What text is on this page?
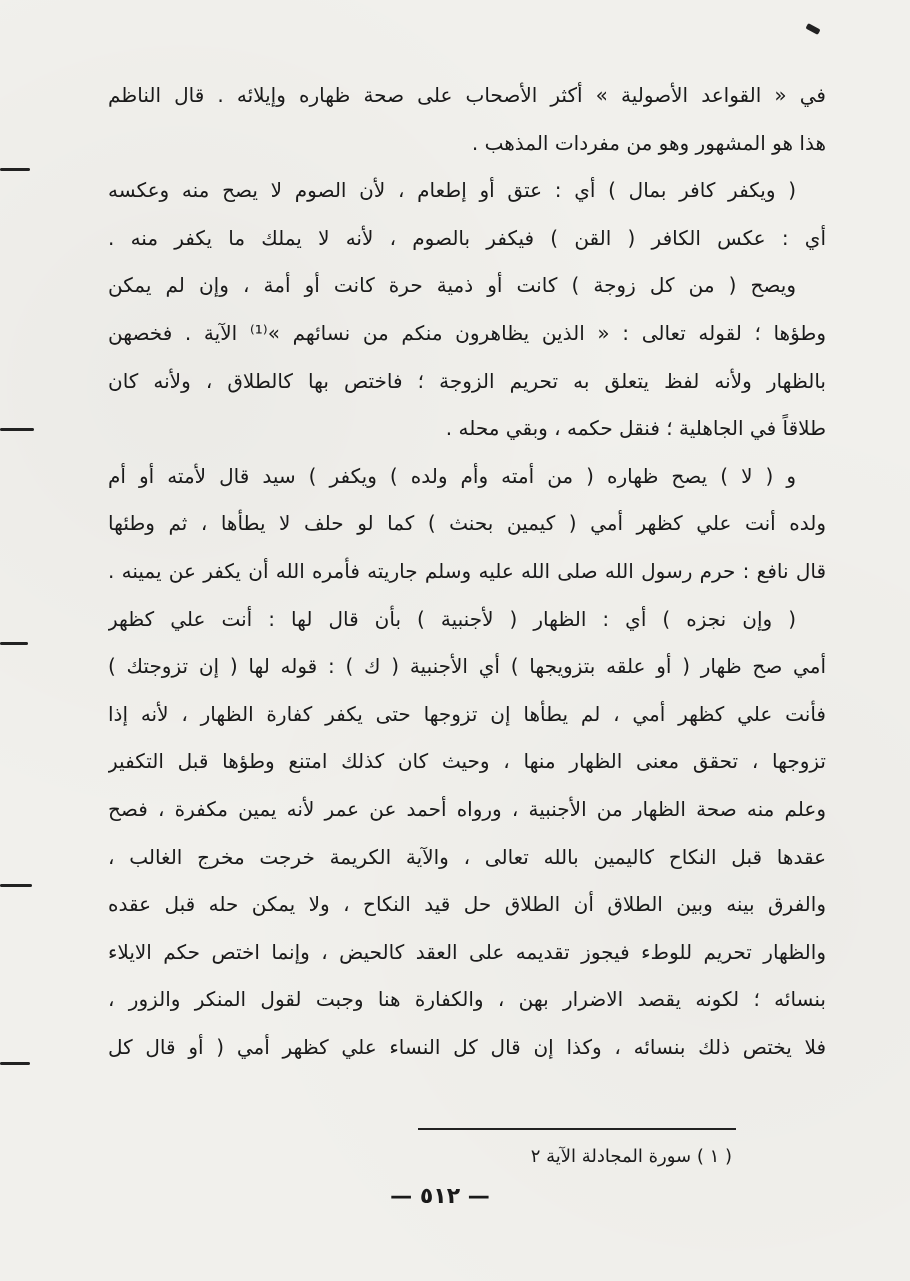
في « القواعد الأصولية » أكثر الأصحاب على صحة ظهاره وإيلائه . قال الناظم
هذا هو المشهور وهو من مفردات المذهب .
( ويكفر كافر بمال ) أي : عتق أو إطعام ، لأن الصوم لا يصح منه وعكسه
أي : عكس الكافر ( القن ) فيكفر بالصوم ، لأنه لا يملك ما يكفر منه .
ويصح ( من كل زوجة ) كانت أو ذمية حرة كانت أو أمة ، وإن لم يمكن
وطؤها ؛ لقوله تعالى : « الذين يظاهرون منكم من نسائهم »⁽¹⁾ الآية . فخصهن
بالظهار ولأنه لفظ يتعلق به تحريم الزوجة ؛ فاختص بها كالطلاق ، ولأنه كان
طلاقاً في الجاهلية ؛ فنقل حكمه ، وبقي محله .
و ( لا ) يصح ظهاره ( من أمته وأم ولده ) ويكفر ) سيد قال لأمته أو أم
ولده أنت علي كظهر أمي ( كيمين بحنث ) كما لو حلف لا يطأها ، ثم وطئها
قال نافع : حرم رسول الله صلى الله عليه وسلم جاريته فأمره الله أن يكفر عن يمينه .
( وإن نجزه ) أي : الظهار ( لأجنبية ) بأن قال لها : أنت علي كظهر
أمي صح ظهار ( أو علقه بتزويجها ) أي الأجنبية ( ك ) : قوله لها ( إن تزوجتك )
فأنت علي كظهر أمي ، لم يطأها إن تزوجها حتى يكفر كفارة الظهار ، لأنه إذا
تزوجها ، تحقق معنى الظهار منها ، وحيث كان كذلك امتنع وطؤها قبل التكفير
وعلم منه صحة الظهار من الأجنبية ، ورواه أحمد عن عمر لأنه يمين مكفرة ، فصح
عقدها قبل النكاح كاليمين بالله تعالى ، والآية الكريمة خرجت مخرج الغالب ،
والفرق بينه وبين الطلاق أن الطلاق حل قيد النكاح ، ولا يمكن حله قبل عقده
والظهار تحريم للوطء فيجوز تقديمه على العقد كالحيض ، وإنما اختص حكم الايلاء
بنسائه ؛ لكونه يقصد الاضرار بهن ، والكفارة هنا وجبت لقول المنكر والزور ،
فلا يختص ذلك بنسائه ، وكذا إن قال كل النساء علي كظهر أمي ( أو قال كل
( ١ ) سورة المجادلة الآية ٢
— ٥١٢ —
